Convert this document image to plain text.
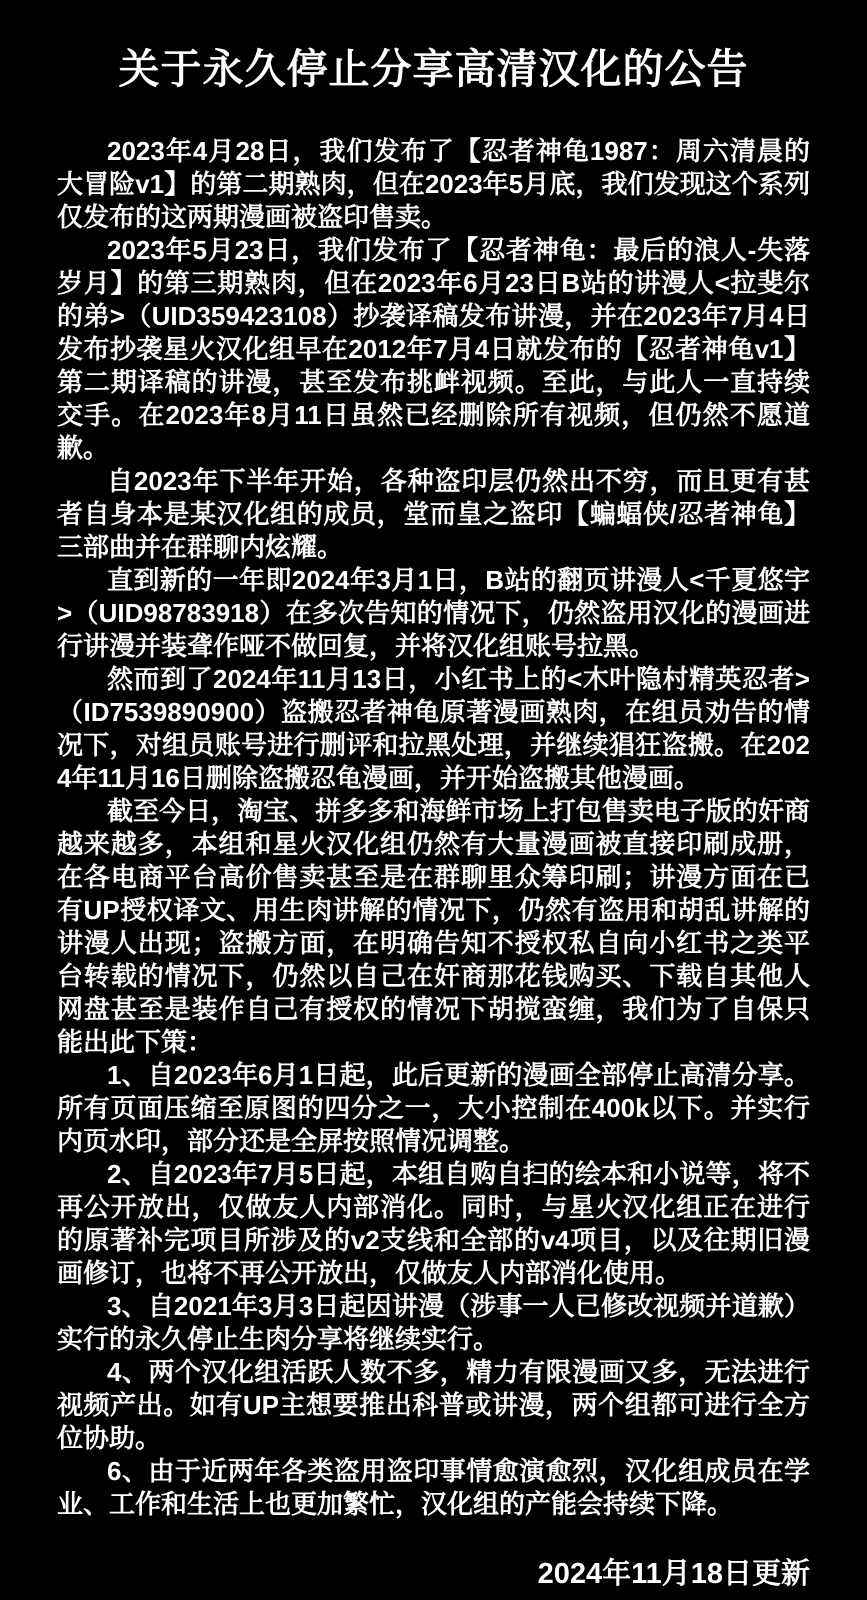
关于永久停止分享高清汉化的公告

2023年4月28日，我们发布了【忍者神龟1987：周六清晨的大冒险v1】的第二期熟肉，但在2023年5月底，我们发现这个系列仅发布的这两期漫画被盗印售卖。

2023年5月23日，我们发布了【忍者神龟：最后的浪人-失落岁月】的第三期熟肉，但在2023年6月23日B站的讲漫人<拉斐尔的弟>（UID359423108）抄袭译稿发布讲漫，并在2023年7月4日发布抄袭星火汉化组早在2012年7月4日就发布的【忍者神龟v1】第二期译稿的讲漫，甚至发布挑衅视频。至此，与此人一直持续交手。在2023年8月11日虽然已经删除所有视频，但仍然不愿道歉。

自2023年下半年开始，各种盗印层仍然出不穷，而且更有甚者自身本是某汉化组的成员，堂而皇之盗印【蝙蝠侠/忍者神龟】三部曲并在群聊内炫耀。

直到新的一年即2024年3月1日，B站的翻页讲漫人<千夏悠宇>（UID98783918）在多次告知的情况下，仍然盗用汉化的漫画进行讲漫并装聋作哑不做回复，并将汉化组账号拉黑。

然而到了2024年11月13日，小红书上的<木叶隐村精英忍者>（ID7539890900）盗搬忍者神龟原著漫画熟肉，在组员劝告的情况下，对组员账号进行删评和拉黑处理，并继续猖狂盗搬。在2024年11月16日删除盗搬忍龟漫画，并开始盗搬其他漫画。

截至今日，淘宝、拼多多和海鲜市场上打包售卖电子版的奸商越来越多，本组和星火汉化组仍然有大量漫画被直接印刷成册，在各电商平台高价售卖甚至是在群聊里众筹印刷；讲漫方面在已有UP授权译文、用生肉讲解的情况下，仍然有盗用和胡乱讲解的讲漫人出现；盗搬方面，在明确告知不授权私自向小红书之类平台转载的情况下，仍然以自己在奸商那花钱购买、下载自其他人网盘甚至是装作自己有授权的情况下胡搅蛮缠，我们为了自保只能出此下策：

1、自2023年6月1日起，此后更新的漫画全部停止高清分享。所有页面压缩至原图的四分之一，大小控制在400k以下。并实行内页水印，部分还是全屏按照情况调整。

2、自2023年7月5日起，本组自购自扫的绘本和小说等，将不再公开放出，仅做友人内部消化。同时，与星火汉化组正在进行的原著补完项目所涉及的v2支线和全部的v4项目，以及往期旧漫画修订，也将不再公开放出，仅做友人内部消化使用。

3、自2021年3月3日起因讲漫（涉事一人已修改视频并道歉）实行的永久停止生肉分享将继续实行。

4、两个汉化组活跃人数不多，精力有限漫画又多，无法进行视频产出。如有UP主想要推出科普或讲漫，两个组都可进行全方位协助。

6、由于近两年各类盗用盗印事情愈演愈烈，汉化组成员在学业、工作和生活上也更加繁忙，汉化组的产能会持续下降。

2024年11月18日更新
